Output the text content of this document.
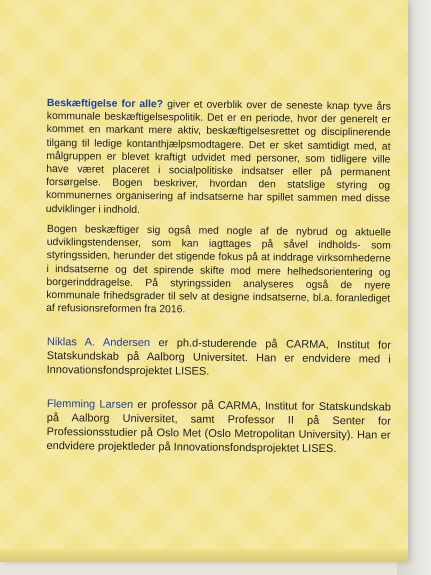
Beskæftigelse for alle? giver et overblik over de seneste knap tyve års kommunale beskæftigelsespolitik. Det er en periode, hvor der generelt er kommet en markant mere aktiv, beskæftigelsesrettet og disciplinerende tilgang til ledige kontanthjælpsmodtagere. Det er sket samtidigt med, at målgruppen er blevet kraftigt udvidet med personer, som tidligere ville have været placeret i socialpolitiske indsatser eller på permanent forsørgelse. Bogen beskriver, hvordan den statslige styring og kommunernes organisering af indsatserne har spillet sammen med disse udviklinger i indhold.
Bogen beskæftiger sig også med nogle af de nybrud og aktuelle udviklingstendenser, som kan iagttages på såvel indholds- som styringssiden, herunder det stigende fokus på at inddrage virksomhederne i indsatserne og det spirende skifte mod mere helhedsorientering og borgerinddragelse. På styringssiden analyseres også de nyere kommunale frihedsgrader til selv at designe indsatserne, bl.a. foranlediget af refusionsreformen fra 2016.
Niklas A. Andersen er ph.d-studerende på CARMA, Institut for Statskundskab på Aalborg Universitet. Han er endvidere med i Innovationsfondsprojektet LISES.
Flemming Larsen er professor på CARMA, Institut for Statskundskab på Aalborg Universitet, samt Professor II på Senter for Professionsstudier på Oslo Met (Oslo Metropolitan University). Han er endvidere projektleder på Innovationsfondsprojektet LISES.
